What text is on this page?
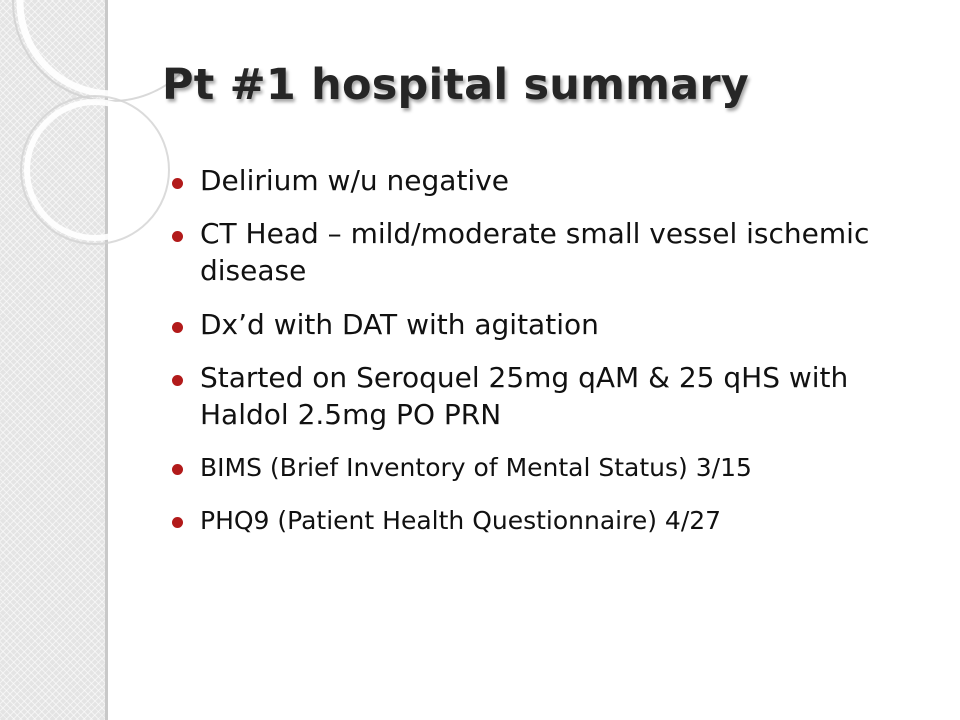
Pt #1 hospital summary
Delirium w/u negative
CT Head – mild/moderate small vessel ischemic disease
Dx’d with DAT with agitation
Started on Seroquel 25mg qAM & 25 qHS with Haldol 2.5mg PO PRN
BIMS (Brief Inventory of Mental Status) 3/15
PHQ9 (Patient Health Questionnaire) 4/27
